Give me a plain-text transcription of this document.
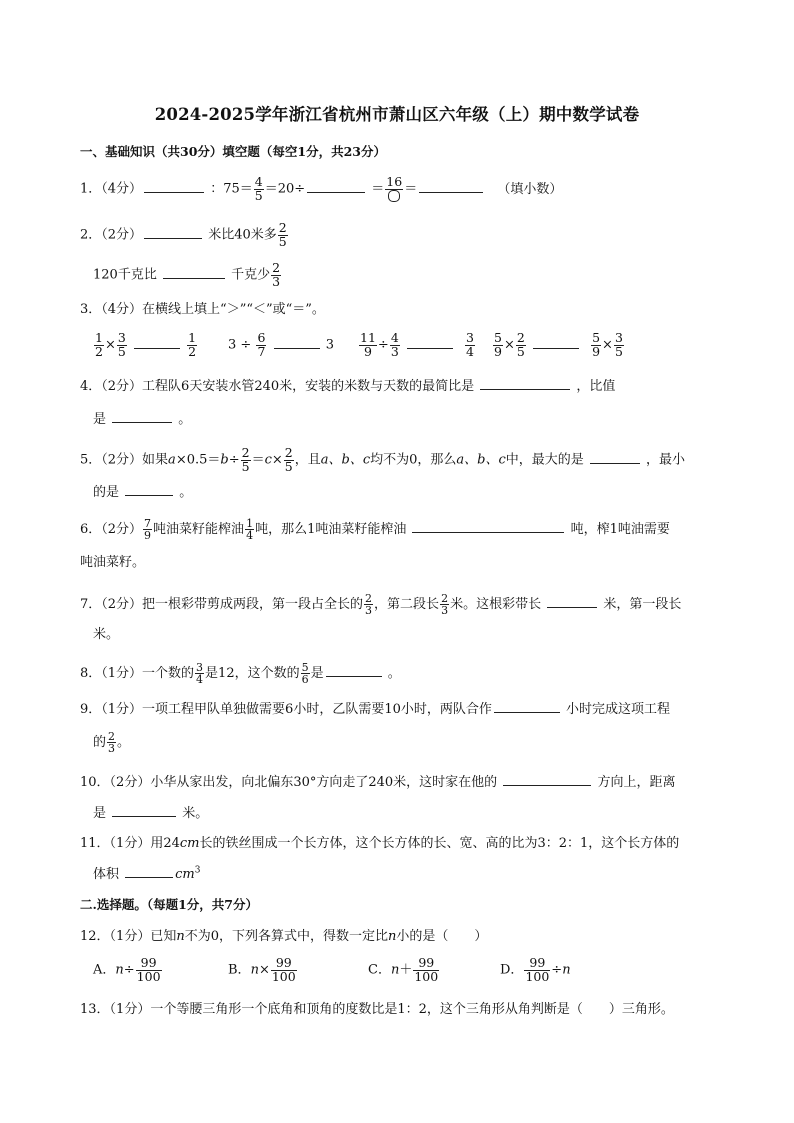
2024-2025学年浙江省杭州市萧山区六年级（上）期中数学试卷
一、基础知识（共30分）填空题（每空1分，共23分）
1．（4分）	：$75= \frac{4}{5} =20\div$	＝ 16 ＝	（填小数）
2．（2分）	米比40米多 $\frac{2}{5}$
120千克比	千克少 $\frac{2}{3}$
3．（4分）在横线上填上“＞”“＜”或“＝”。
$\frac{1}{2} \times \frac{3}{5}$
	$\frac{1}{2} 3 \div \frac{6}{7}$	$3 \frac{11}{9} \div \frac{4}{3}$
	$\frac{3}{4} \frac{5}{9} \times \frac{2}{5}$
	$\frac{5}{9} \times \frac{3}{5}$
4．（2分）工程队6天安装水管240米，安装的米数与天数的最简比是	，比值
是	。
5．（2分）如果$a\times 0.5=b\div \frac{2}{5} =c\times \frac{2}{5}$ ，且a、b、c均不为0，那么a、b、c中，最大的是	，最小
的是	。
6．（2分） $\frac{7}{9}$ 吨油菜籽能榨油 $\frac{1}{4}$ 吨，那么1吨油菜籽能榨油	吨，榨1吨油需要
吨油菜籽。
7．（2分）把一根彩带剪成两段，第一段占全长的 $\frac{2}{3}$ ，第二段长 $\frac{2}{3}$ 米。这根彩带长	米，第一段长
米。
8．（1分）一个数的 $\frac{3}{4}$ 是12，这个数的 $\frac{5}{6}$ 是	。
9．（1分）一项工程甲队单独做需要6小时，乙队需要10小时，两队合作	小时完成这项工程
的 $\frac{2}{3}$ 。
10．（2分）小华从家出发，向北偏东30°方向走了240米，这时家在他的	方向上，距离
是	米。
11．（1分）用24cm长的铁丝围成一个长方体，这个长方体的长、宽、高的比为3：2：1，这个长方体的
体积	$cm^3$
二.选择题。（每题1分，共7分）
12．（1分）已知n不为0，下列各算式中，得数一定比n小的是（　　）
A．$n\div \frac{99}{100}$	B．$n\times \frac{99}{100}$	C．$n+ \frac{99}{100}$	D． $\frac{99}{100} \div n$
13．（1分）一个等腰三角形一个底角和顶角的度数比是1：2，这个三角形从角判断是（　　）三角形。
